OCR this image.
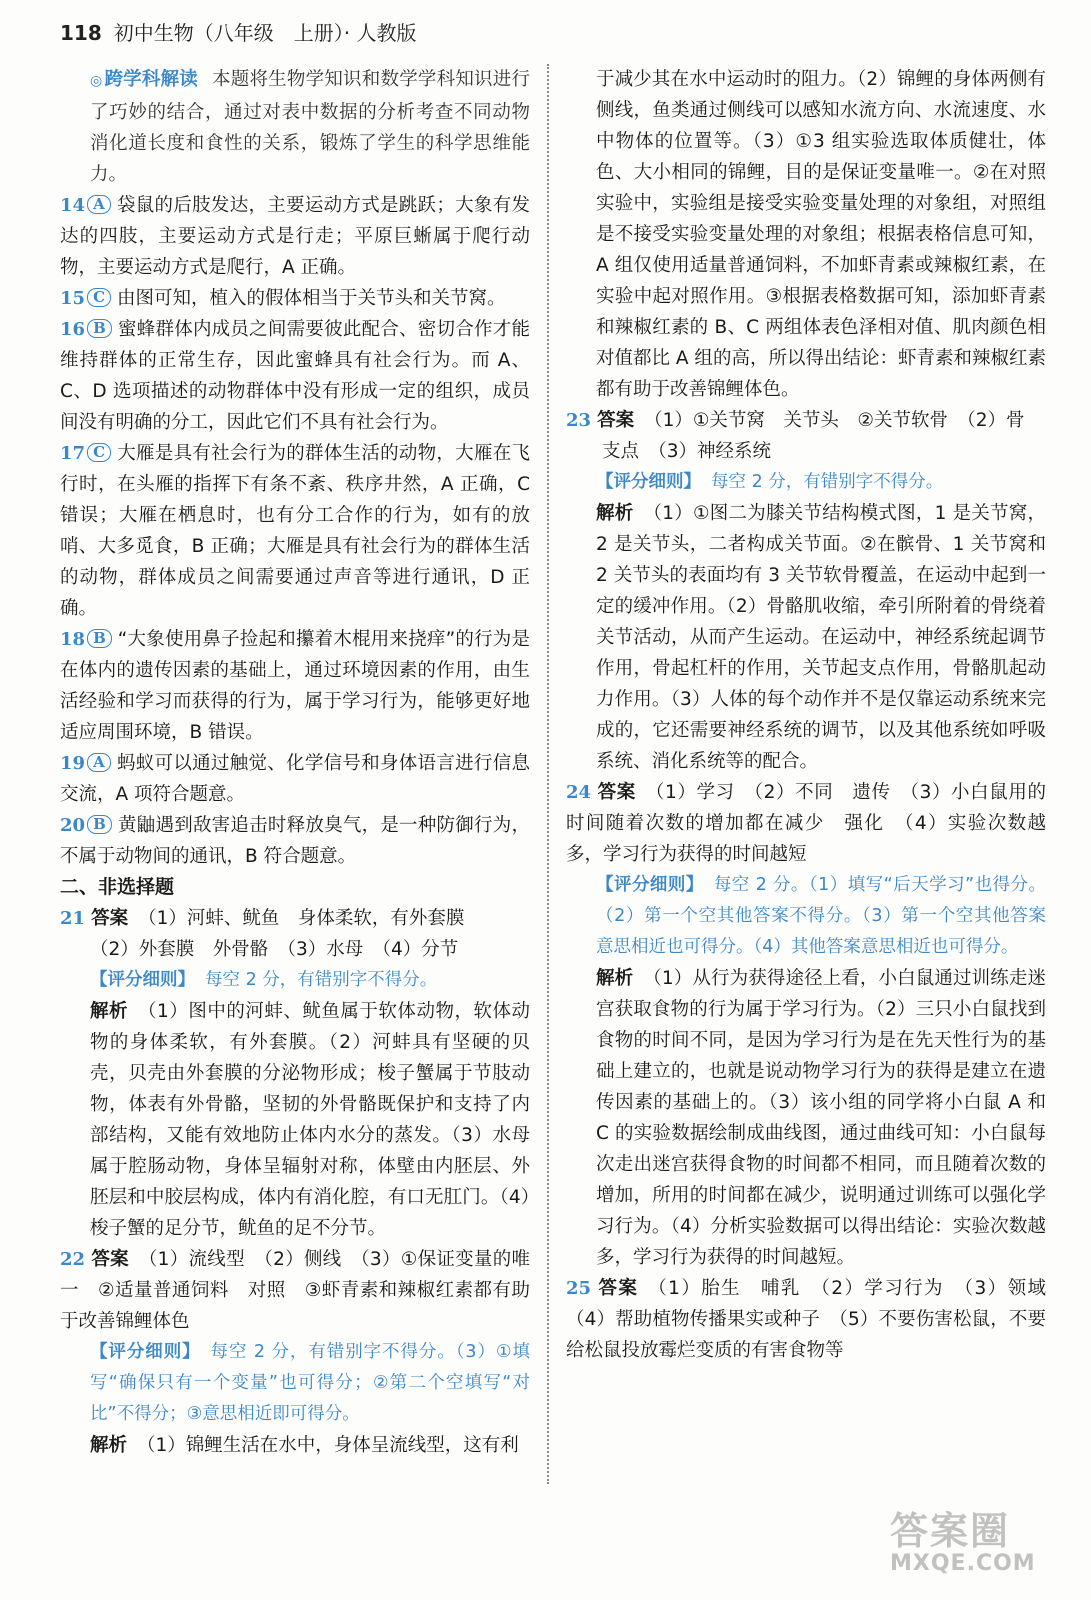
118 初中生物（八年级　上册）· 人教版

◎ 跨学科解读 本题将生物学知识和数学学科知识进行了巧妙的结合，通过对表中数据的分析考查不同动物消化道长度和食性的关系，锻炼了学生的科学思维能力。

14 A 袋鼠的后肢发达，主要运动方式是跳跃；大象有发达的四肢，主要运动方式是行走；平原巨蜥属于爬行动物，主要运动方式是爬行，A 正确。

15 C 由图可知，植入的假体相当于关节头和关节窝。

16 B 蜜蜂群体内成员之间需要彼此配合、密切合作才能维持群体的正常生存，因此蜜蜂具有社会行为。而 A、C、D 选项描述的动物群体中没有形成一定的组织，成员间没有明确的分工，因此它们不具有社会行为。

17 C 大雁是具有社会行为的群体生活的动物，大雁在飞行时，在头雁的指挥下有条不紊、秩序井然，A 正确，C 错误；大雁在栖息时，也有分工合作的行为，如有的放哨、大多觅食，B 正确；大雁是具有社会行为的群体生活的动物，群体成员之间需要通过声音等进行通讯，D 正确。

18 B “大象使用鼻子捡起和攥着木棍用来挠痒”的行为是在体内的遗传因素的基础上，通过环境因素的作用，由生活经验和学习而获得的行为，属于学习行为，能够更好地适应周围环境，B 错误。

19 A 蚂蚁可以通过触觉、化学信号和身体语言进行信息交流，A 项符合题意。

20 B 黄鼬遇到敌害追击时释放臭气，是一种防御行为，不属于动物间的通讯，B 符合题意。

二、非选择题

21 答案 （1）河蚌、鱿鱼　身体柔软，有外套膜

（2）外套膜　外骨骼　（3）水母　（4）分节

【评分细则】 每空 2 分，有错别字不得分。

解析 （1）图中的河蚌、鱿鱼属于软体动物，软体动物的身体柔软，有外套膜。（2）河蚌具有坚硬的贝壳，贝壳由外套膜的分泌物形成；梭子蟹属于节肢动物，体表有外骨骼，坚韧的外骨骼既保护和支持了内部结构，又能有效地防止体内水分的蒸发。（3）水母属于腔肠动物，身体呈辐射对称，体壁由内胚层、外胚层和中胶层构成，体内有消化腔，有口无肛门。（4）梭子蟹的足分节，鱿鱼的足不分节。

22 答案 （1）流线型　（2）侧线　（3）①保证变量的唯一　②适量普通饲料　对照　③虾青素和辣椒红素都有助于改善锦鲤体色

【评分细则】 每空 2 分，有错别字不得分。（3）①填写“确保只有一个变量”也可得分；②第二个空填写“对比”不得分；③意思相近即可得分。

解析 （1）锦鲤生活在水中，身体呈流线型，这有利

于减少其在水中运动时的阻力。（2）锦鲤的身体两侧有侧线，鱼类通过侧线可以感知水流方向、水流速度、水中物体的位置等。（3）①3 组实验选取体质健壮，体色、大小相同的锦鲤，目的是保证变量唯一。②在对照实验中，实验组是接受实验变量处理的对象组，对照组是不接受实验变量处理的对象组；根据表格信息可知，A 组仅使用适量普通饲料，不加虾青素或辣椒红素，在实验中起对照作用。③根据表格数据可知，添加虾青素和辣椒红素的 B、C 两组体表色泽相对值、肌肉颜色相对值都比 A 组的高，所以得出结论：虾青素和辣椒红素都有助于改善锦鲤体色。

23 答案 （1）①关节窝　关节头　②关节软骨　（2）骨

支点　（3）神经系统

【评分细则】 每空 2 分，有错别字不得分。

解析 （1）①图二为膝关节结构模式图，1 是关节窝，2 是关节头，二者构成关节面。②在髌骨、1 关节窝和 2 关节头的表面均有 3 关节软骨覆盖，在运动中起到一定的缓冲作用。（2）骨骼肌收缩，牵引所附着的骨绕着关节活动，从而产生运动。在运动中，神经系统起调节作用，骨起杠杆的作用，关节起支点作用，骨骼肌起动力作用。（3）人体的每个动作并不是仅靠运动系统来完成的，它还需要神经系统的调节，以及其他系统如呼吸系统、消化系统等的配合。

24 答案 （1）学习　（2）不同　遗传　（3）小白鼠用的时间随着次数的增加都在减少　强化　（4）实验次数越多，学习行为获得的时间越短

【评分细则】 每空 2 分。（1）填写“后天学习”也得分。（2）第一个空其他答案不得分。（3）第一个空其他答案意思相近也可得分。（4）其他答案意思相近也可得分。

解析 （1）从行为获得途径上看，小白鼠通过训练走迷宫获取食物的行为属于学习行为。（2）三只小白鼠找到食物的时间不同，是因为学习行为是在先天性行为的基础上建立的，也就是说动物学习行为的获得是建立在遗传因素的基础上的。（3）该小组的同学将小白鼠 A 和 C 的实验数据绘制成曲线图，通过曲线可知：小白鼠每次走出迷宫获得食物的时间都不相同，而且随着次数的增加，所用的时间都在减少，说明通过训练可以强化学习行为。（4）分析实验数据可以得出结论：实验次数越多，学习行为获得的时间越短。

25 答案 （1）胎生　哺乳　（2）学习行为　（3）领域　（4）帮助植物传播果实或种子　（5）不要伤害松鼠，不要给松鼠投放霉烂变质的有害食物等

答案圈
MXQE.COM
